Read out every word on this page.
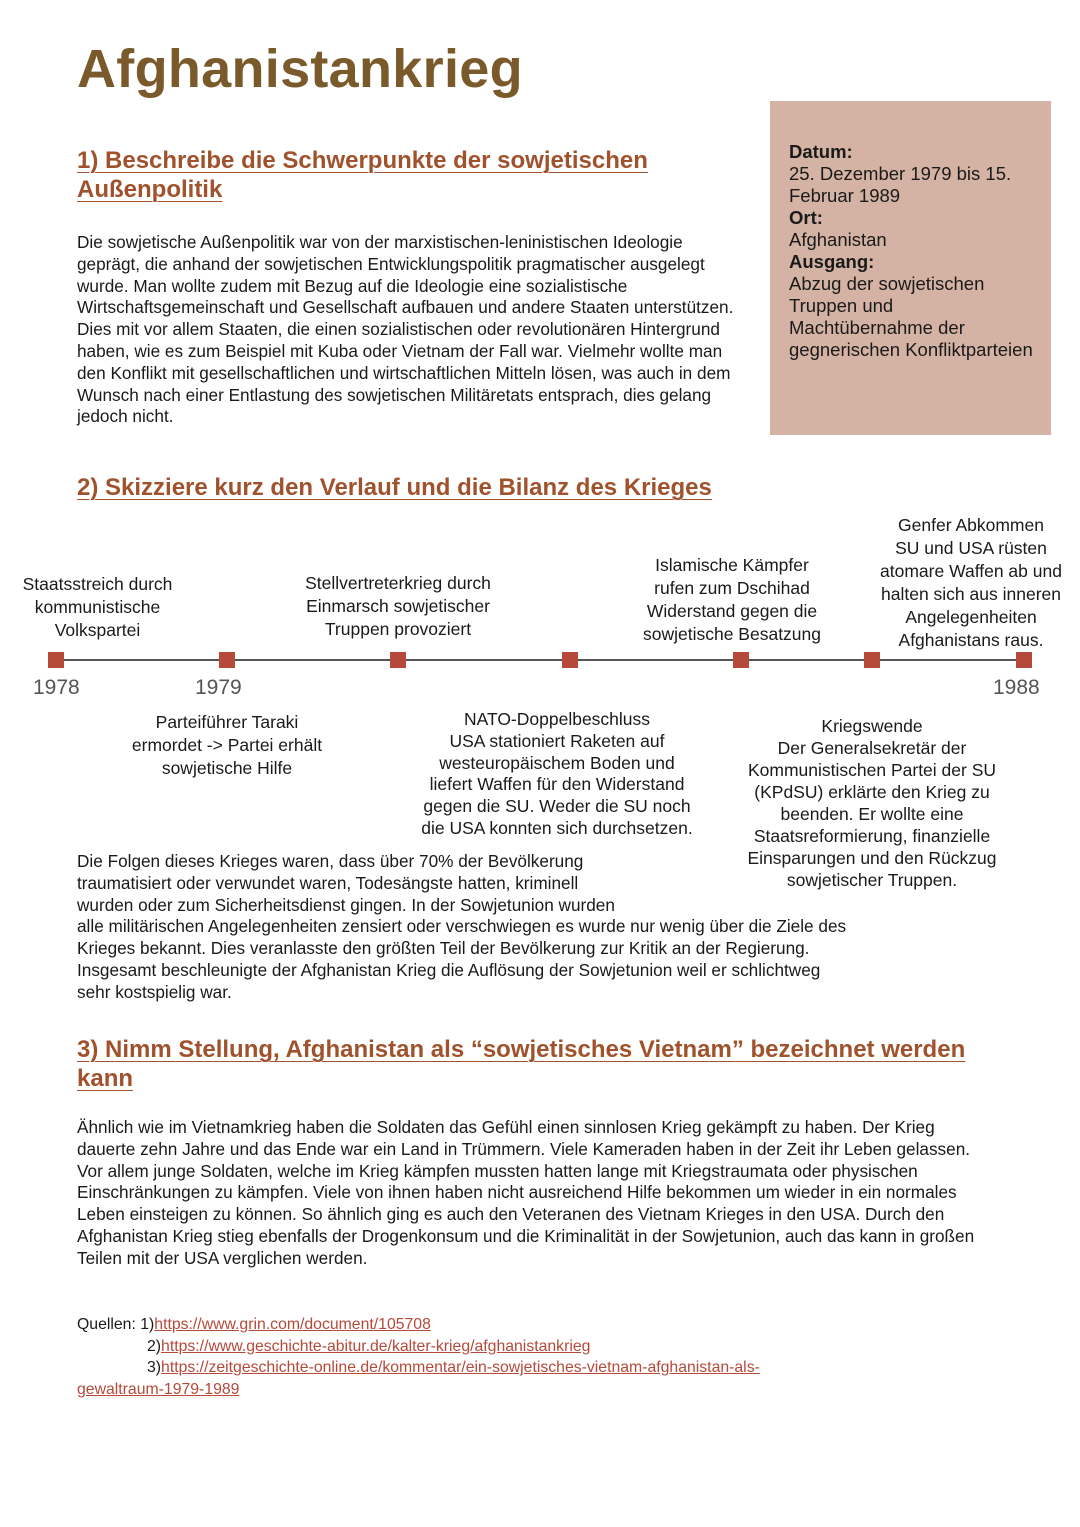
Afghanistankrieg
1) Beschreibe die Schwerpunkte der sowjetischen
Außenpolitik

Die sowjetische Außenpolitik war von der marxistischen-leninistischen Ideologie geprägt, die anhand der sowjetischen Entwicklungspolitik pragmatischer ausgelegt wurde. Man wollte zudem mit Bezug auf die Ideologie eine sozialistische Wirtschaftsgemeinschaft und Gesellschaft aufbauen und andere Staaten unterstützen. Dies mit vor allem Staaten, die einen sozialistischen oder revolutionären Hintergrund haben, wie es zum Beispiel mit Kuba oder Vietnam der Fall war. Vielmehr wollte man den Konflikt mit gesellschaftlichen und wirtschaftlichen Mitteln lösen, was auch in dem Wunsch nach einer Entlastung des sowjetischen Militäretats entsprach, dies gelang jedoch nicht.

Datum:
25. Dezember 1979 bis 15. Februar 1989
Ort:
Afghanistan
Ausgang:
Abzug der sowjetischen Truppen und Machtübernahme der gegnerischen Konfliktparteien
2) Skizziere kurz den Verlauf und die Bilanz des Krieges
1978	1979	1988
Staatsstreich durch
kommunistische
Volkspartei
Stellvertreterkrieg durch
Einmarsch sowjetischer
Truppen provoziert
Islamische Kämpfer
rufen zum Dschihad
Widerstand gegen die
sowjetische Besatzung
Genfer Abkommen
SU und USA rüsten
atomare Waffen ab und
halten sich aus inneren
Angelegenheiten
Afghanistans raus.
Parteiführer Taraki
ermordet -> Partei erhält
sowjetische Hilfe
NATO-Doppelbeschluss
USA stationiert Raketen auf
westeuropäischem Boden und
liefert Waffen für den Widerstand
gegen die SU. Weder die SU noch
die USA konnten sich durchsetzen.
Kriegswende
Der Generalsekretär der
Kommunistischen Partei der SU
(KPdSU) erklärte den Krieg zu
beenden. Er wollte eine
Staatsreformierung, finanzielle
Einsparungen und den Rückzug
sowjetischer Truppen.
Die Folgen dieses Krieges waren, dass über 70% der Bevölkerung
traumatisiert oder verwundet waren, Todesängste hatten, kriminell
wurden oder zum Sicherheitsdienst gingen. In der Sowjetunion wurden
alle militärischen Angelegenheiten zensiert oder verschwiegen es wurde nur wenig über die Ziele des
Krieges bekannt. Dies veranlasste den größten Teil der Bevölkerung zur Kritik an der Regierung.
Insgesamt beschleunigte der Afghanistan Krieg die Auflösung der Sowjetunion weil er schlichtweg
sehr kostspielig war.
3) Nimm Stellung, Afghanistan als “sowjetisches Vietnam” bezeichnet werden
kann

Ähnlich wie im Vietnamkrieg haben die Soldaten das Gefühl einen sinnlosen Krieg gekämpft zu haben. Der Krieg dauerte zehn Jahre und das Ende war ein Land in Trümmern. Viele Kameraden haben in der Zeit ihr Leben gelassen. Vor allem junge Soldaten, welche im Krieg kämpfen mussten hatten lange mit Kriegstraumata oder physischen Einschränkungen zu kämpfen. Viele von ihnen haben nicht ausreichend Hilfe bekommen um wieder in ein normales Leben einsteigen zu können. So ähnlich ging es auch den Veteranen des Vietnam Krieges in den USA. Durch den Afghanistan Krieg stieg ebenfalls der Drogenkonsum und die Kriminalität in der Sowjetunion, auch das kann in großen Teilen mit der USA verglichen werden.

Quellen: 1)https://www.grin.com/document/105708
2)https://www.geschichte-abitur.de/kalter-krieg/afghanistankrieg
3)https://zeitgeschichte-online.de/kommentar/ein-sowjetisches-vietnam-afghanistan-als-
gewaltraum-1979-1989
